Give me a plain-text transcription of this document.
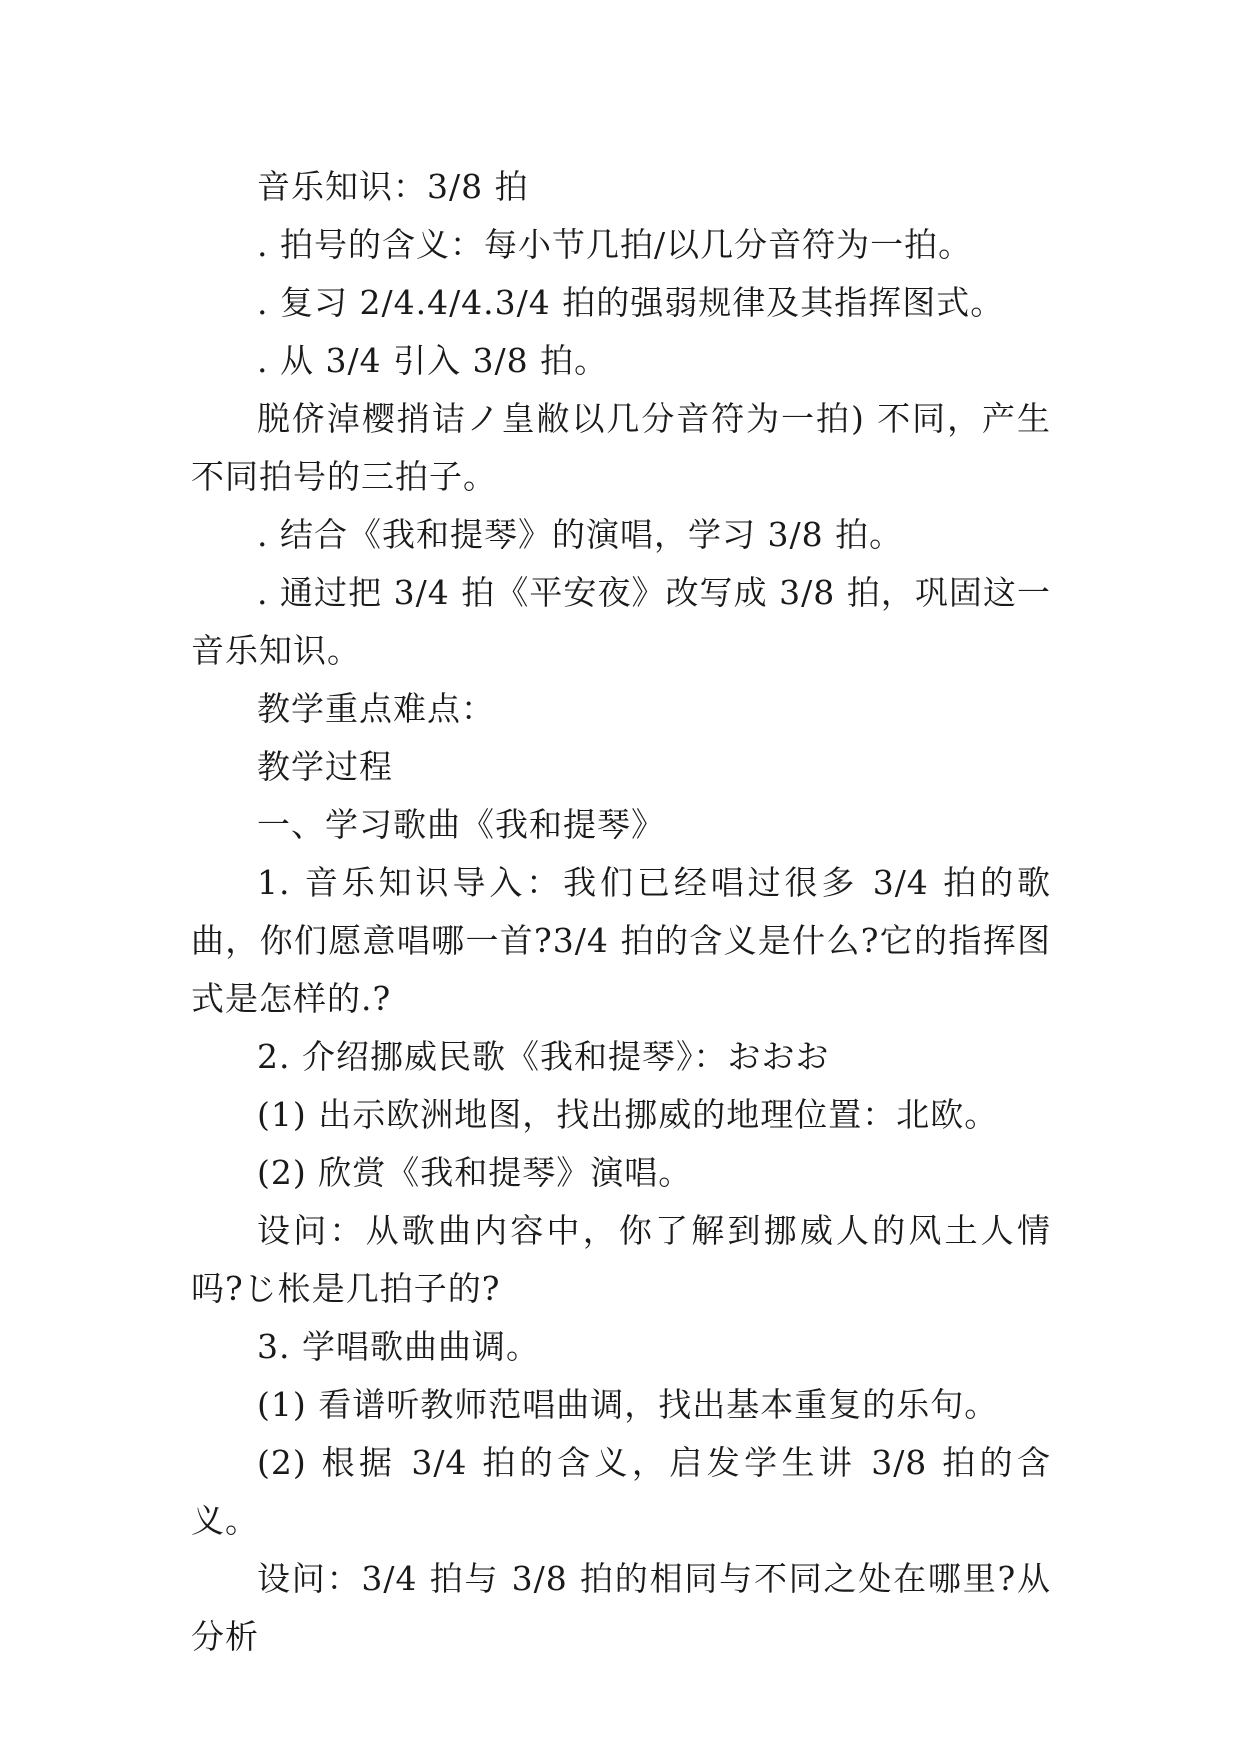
音乐知识：3/8 拍

. 拍号的含义：每小节几拍/以几分音符为一拍。

. 复习 2/4.4/4.3/4 拍的强弱规律及其指挥图式。

. 从 3/4 引入 3/8 拍。

脱侪淖樱捎诘ノ皇敝以几分音符为一拍) 不同，产生不同拍号的三拍子。

. 结合《我和提琴》的演唱，学习 3/8 拍。

. 通过把 3/4 拍《平安夜》改写成 3/8 拍，巩固这一音乐知识。

教学重点难点：

教学过程

一、学习歌曲《我和提琴》

1. 音乐知识导入：我们已经唱过很多 3/4 拍的歌曲，你们愿意唱哪一首?3/4 拍的含义是什么?它的指挥图式是怎样的.?

2. 介绍挪威民歌《我和提琴》：おおお

(1) 出示欧洲地图，找出挪威的地理位置：北欧。

(2) 欣赏《我和提琴》演唱。

设问：从歌曲内容中，你了解到挪威人的风土人情吗?じ枨是几拍子的?

3. 学唱歌曲曲调。

(1) 看谱听教师范唱曲调，找出基本重复的乐句。

(2) 根据 3/4 拍的含义，启发学生讲 3/8 拍的含义。

设问：3/4 拍与 3/8 拍的相同与不同之处在哪里?从分析
